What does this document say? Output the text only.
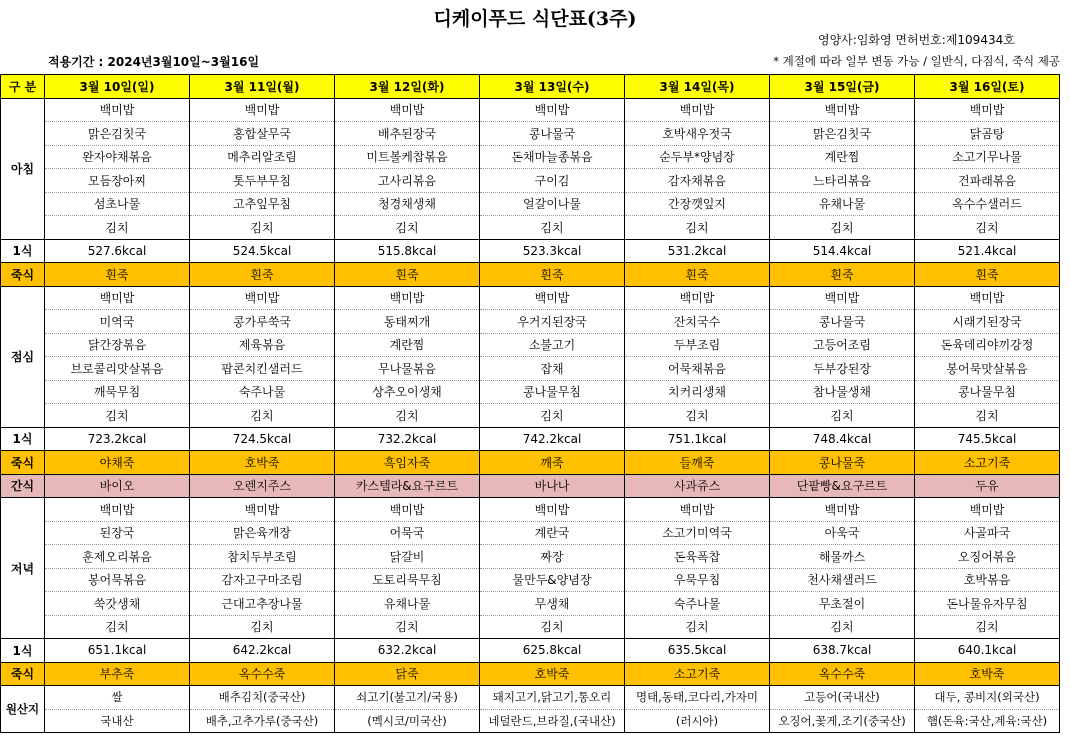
디케이푸드 식단표(3주)
영양사:임화영 면허번호:제109434호
적용기간 : 2024년3월10일~3월16일	* 계절에 따라 일부 변동 가능 / 일반식, 다짐식, 죽식 제공
구 분	3월 10일(일)	3월 11일(월)	3월 12일(화)	3월 13일(수)	3월 14일(목)	3월 15일(금)	3월 16일(토)
아침	백미밥	백미밥	백미밥	백미밥	백미밥	백미밥	백미밥
	맑은김칫국	홍합살무국	배추된장국	콩나물국	호박새우젓국	맑은김칫국	닭곰탕
	완자야채볶음	메추리알조림	미트볼케찹볶음	돈채마늘종볶음	순두부*양념장	계란찜	소고기무나물
	모듬장아찌	톳두부무침	고사리볶음	구이김	감자채볶음	느타리볶음	건파래볶음
	섬초나물	고추잎무침	청경채생채	얼갈이나물	간장깻잎지	유채나물	옥수수샐러드
	김치	김치	김치	김치	김치	김치	김치
1식	527.6kcal	524.5kcal	515.8kcal	523.3kcal	531.2kcal	514.4kcal	521.4kcal
죽식	흰죽	흰죽	흰죽	흰죽	흰죽	흰죽	흰죽
점심	백미밥	백미밥	백미밥	백미밥	백미밥	백미밥	백미밥
	미역국	콩가루쑥국	동태찌개	우거지된장국	잔치국수	콩나물국	시래기된장국
	닭간장볶음	제육볶음	계란찜	소불고기	두부조림	고등어조림	돈육데리야끼강정
	브로콜리맛살볶음	팝콘치킨샐러드	무나물볶음	잡채	어묵채볶음	두부강된장	봉어묵맛살볶음
	깨묵무침	숙주나물	상추오이생채	콩나물무침	치커리생채	참나물생채	콩나물무침
	김치	김치	김치	김치	김치	김치	김치
1식	723.2kcal	724.5kcal	732.2kcal	742.2kcal	751.1kcal	748.4kcal	745.5kcal
죽식	야채죽	호박죽	흑임자죽	깨죽	들깨죽	콩나물죽	소고기죽
간식	바이오	오렌지주스	카스텔라&요구르트	바나나	사과쥬스	단팥빵&요구르트	두유
저녁	백미밥	백미밥	백미밥	백미밥	백미밥	백미밥	백미밥
	된장국	맑은육개장	어묵국	계란국	소고기미역국	아욱국	사골파국
	훈제오리볶음	참치두부조림	닭갈비	짜장	돈육폭찹	해물까스	오징어볶음
	봉어묵볶음	감자고구마조림	도토리묵무침	물만두&양념장	우묵무침	천사채샐러드	호박볶음
	쑥갓생채	근대고추장나물	유채나물	무생채	숙주나물	무초절이	돈나물유자무침
	김치	김치	김치	김치	김치	김치	김치
1식	651.1kcal	642.2kcal	632.2kcal	625.8kcal	635.5kcal	638.7kcal	640.1kcal
죽식	부추죽	옥수수죽	닭죽	호박죽	소고기죽	옥수수죽	호박죽
원산지	쌀	배추김치(중국산)	쇠고기(불고기/국용)	돼지고기,닭고기,통오리	명태,동태,코다리,가자미	고등어(국내산)	대두, 콩비지(외국산)
	국내산	배추,고추가루(중국산)	(멕시코/미국산)	네덜란드,브라질,(국내산)	(러시아)	오징어,꽃게,조기(중국산)	햄(돈육:국산,계육:국산)
